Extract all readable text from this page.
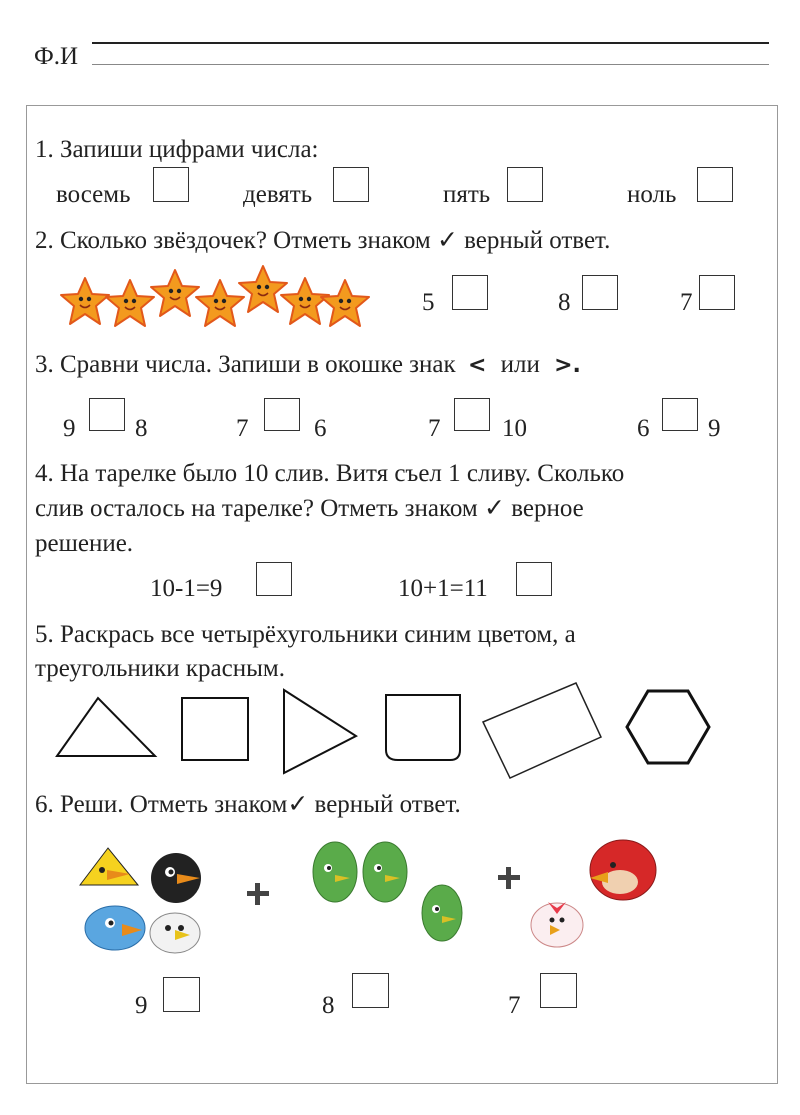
Ф.И
1. Запиши цифрами числа:
восемь	девять	пять	ноль
2. Сколько звёздочек? Отметь знаком ✓ верный ответ.
5	8	7
3. Сравни числа. Запиши в окошке знак < или >.
9 8	7	6	7 10	6 9
4. На тарелке было 10 слив. Витя съел 1 сливу. Сколько
слив осталось на тарелке? Отметь знаком ✓ верное
решение.
10-1=9	10+1=11
5. Раскрась все четырёхугольники синим цветом, а
треугольники красным.
6. Реши. Отметь знаком✓ верный ответ.
9	8	7
